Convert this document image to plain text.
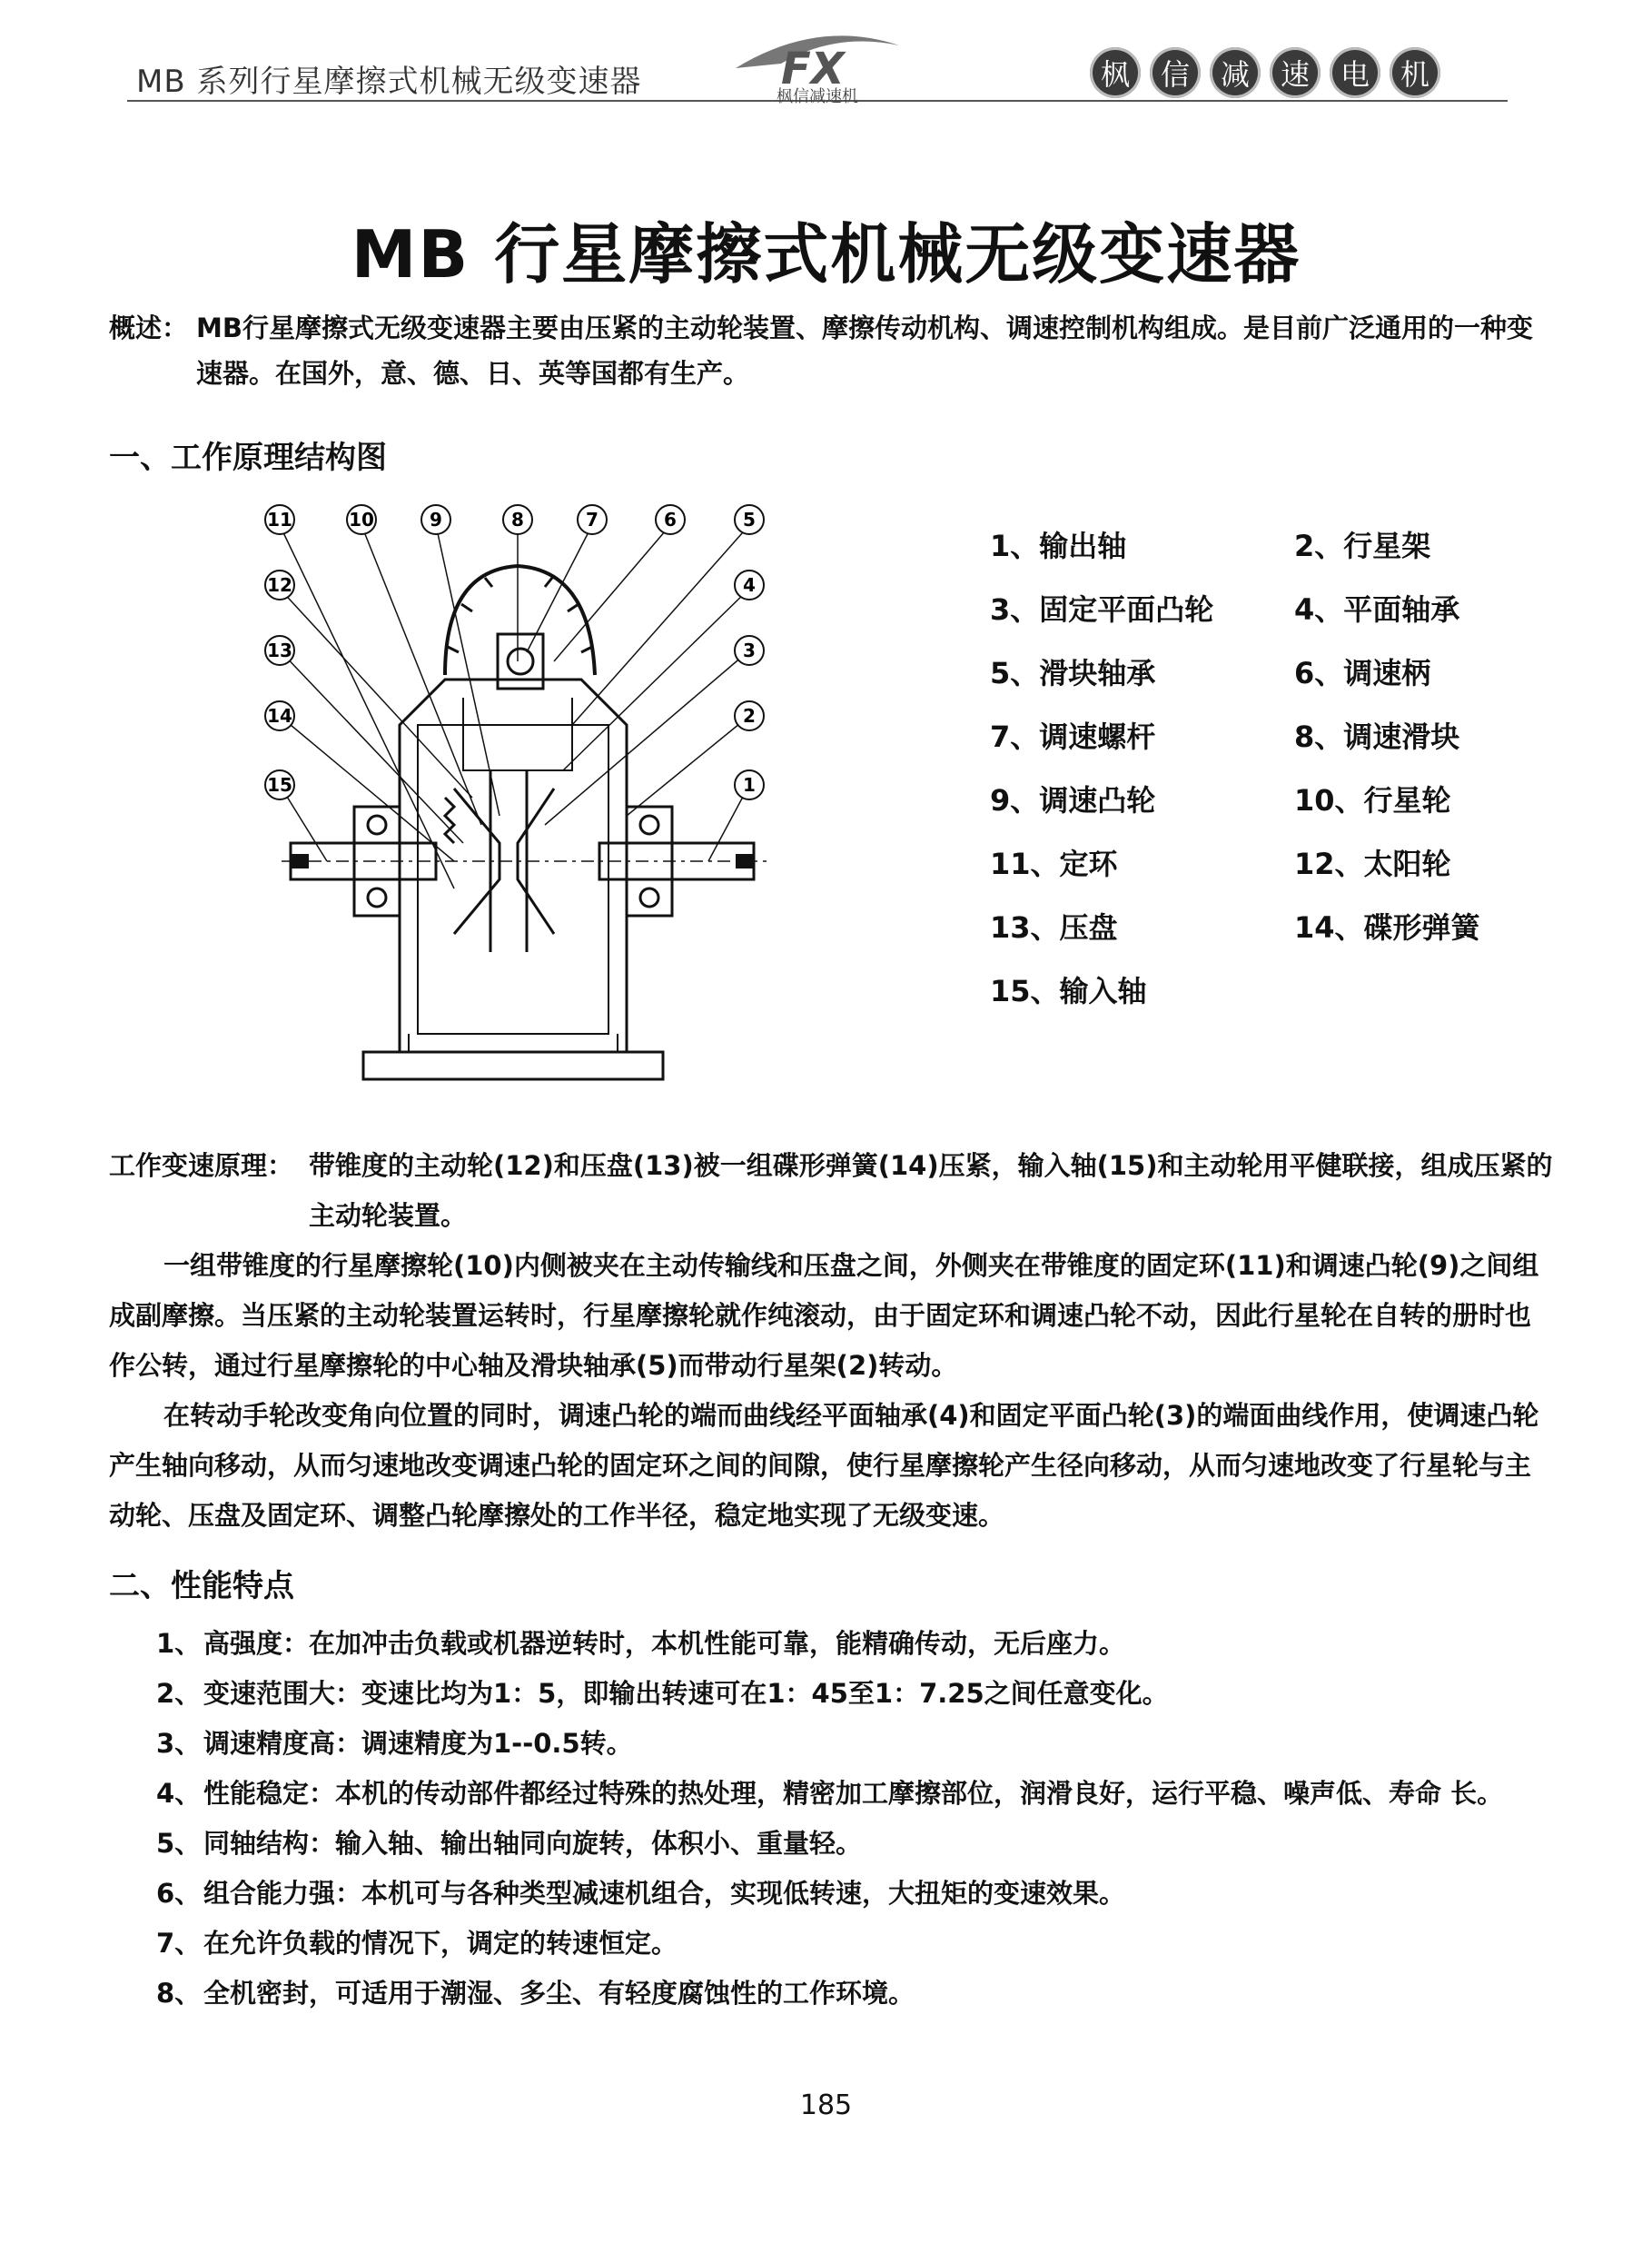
MB 系列行星摩擦式机械无级变速器	FX
枫信减速机
枫	信	减	速	电	机
MB 行星摩擦式机械无级变速器
概述： MB行星摩擦式无级变速器主要由压紧的主动轮装置、摩擦传动机构、调速控制机构组成。是目前广泛通用的一种变速器。在国外，意、德、日、英等国都有生产。
一、工作原理结构图
11	10	9	8	7	6	5
12	4
13	3
14	2
15	1
1、输出轴	2、行星架
3、固定平面凸轮	4、平面轴承
5、滑块轴承	6、调速柄
7、调速螺杆	8、调速滑块
9、调速凸轮	10、行星轮
11、定环	12、太阳轮
13、压盘	14、碟形弹簧
15、输入轴
工作变速原理： 带锥度的主动轮(12)和压盘(13)被一组碟形弹簧(14)压紧，输入轴(15)和主动轮用平健联接，组成压紧的主动轮装置。

一组带锥度的行星摩擦轮(10)内侧被夹在主动传输线和压盘之间，外侧夹在带锥度的固定环(11)和调速凸轮(9)之间组成副摩擦。当压紧的主动轮装置运转时，行星摩擦轮就作纯滚动，由于固定环和调速凸轮不动，因此行星轮在自转的册时也作公转，通过行星摩擦轮的中心轴及滑块轴承(5)而带动行星架(2)转动。

在转动手轮改变角向位置的同时，调速凸轮的端而曲线经平面轴承(4)和固定平面凸轮(3)的端面曲线作用，使调速凸轮产生轴向移动，从而匀速地改变调速凸轮的固定环之间的间隙，使行星摩擦轮产生径向移动，从而匀速地改变了行星轮与主动轮、压盘及固定环、调整凸轮摩擦处的工作半径，稳定地实现了无级变速。

二、性能特点
1、 高强度：在加冲击负载或机器逆转时，本机性能可靠，能精确传动，无后座力。
2、 变速范围大：变速比均为1：5，即输出转速可在1：45至1：7.25之间任意变化。
3、 调速精度高：调速精度为1--0.5转。
4、 性能稳定：本机的传动部件都经过特殊的热处理，精密加工摩擦部位，润滑良好，运行平稳、噪声低、寿命 长。
5、 同轴结构：输入轴、输出轴同向旋转，体积小、重量轻。
6、 组合能力强：本机可与各种类型减速机组合，实现低转速，大扭矩的变速效果。
7、 在允许负载的情况下，调定的转速恒定。
8、 全机密封，可适用于潮湿、多尘、有轻度腐蚀性的工作环境。
185
